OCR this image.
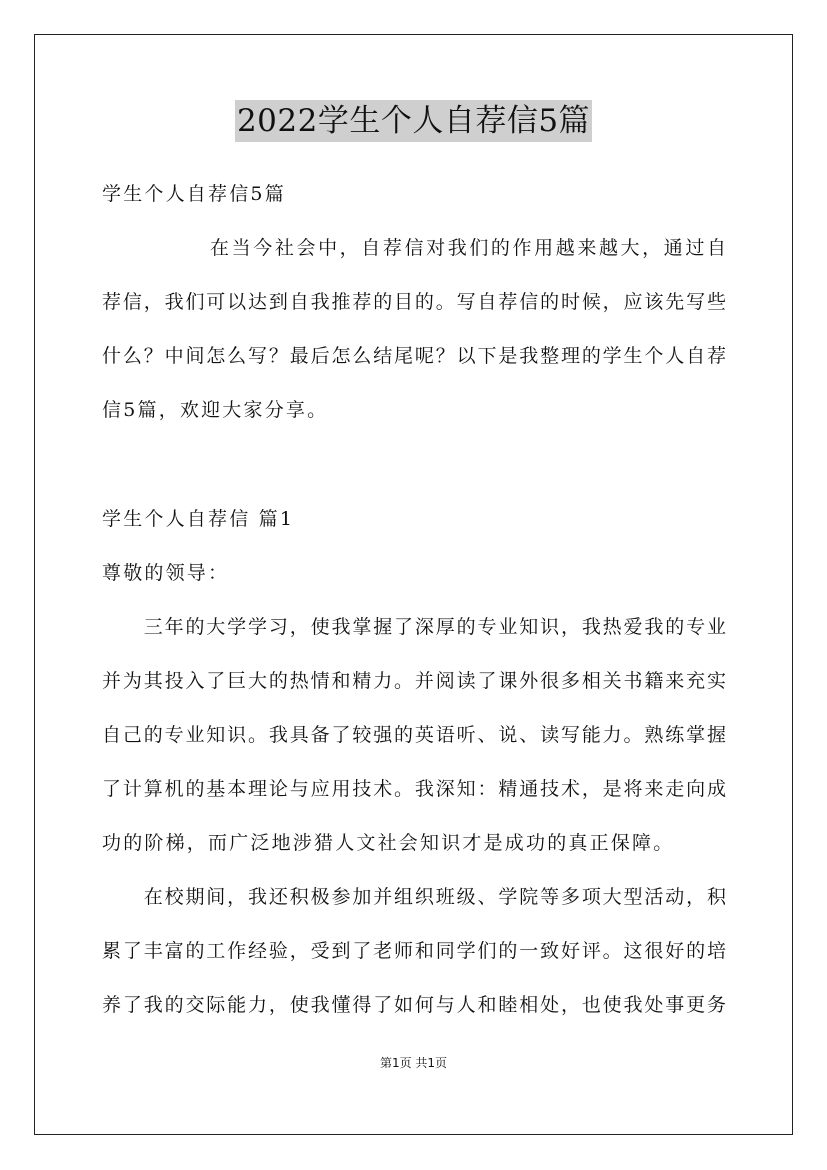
2022学生个人自荐信5篇

学生个人自荐信5篇

　　　　　在当今社会中，自荐信对我们的作用越来越大，通过自

荐信，我们可以达到自我推荐的目的。写自荐信的时候，应该先写些

什么？中间怎么写？最后怎么结尾呢？以下是我整理的学生个人自荐

信5篇，欢迎大家分享。

学生个人自荐信 篇1

尊敬的领导：

　　三年的大学学习，使我掌握了深厚的专业知识，我热爱我的专业

并为其投入了巨大的热情和精力。并阅读了课外很多相关书籍来充实

自己的专业知识。我具备了较强的英语听、说、读写能力。熟练掌握

了计算机的基本理论与应用技术。我深知：精通技术，是将来走向成

功的阶梯，而广泛地涉猎人文社会知识才是成功的真正保障。

　　在校期间，我还积极参加并组织班级、学院等多项大型活动，积

累了丰富的工作经验，受到了老师和同学们的一致好评。这很好的培

养了我的交际能力，使我懂得了如何与人和睦相处，也使我处事更务

第1页 共1页
